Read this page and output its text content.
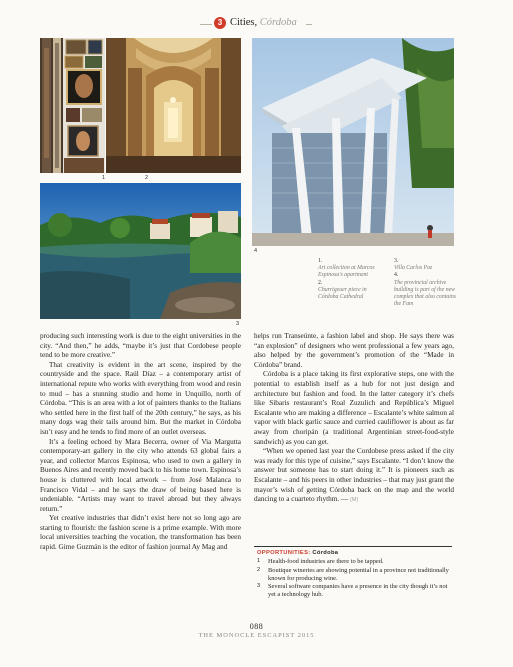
3 Cities, Córdoba
1	2
3
4
1.
Art collection at Marcos Espinosa's apartment
2.
Churrigeuer piece in Córdoba Cathedral
3.
Villa Carlos Paz
4.
The provincial archive building is part of the new complex that also contains the Fam

producing such interesting work is due to the eight universities in the city. “And then,” he adds, “maybe it’s just that Cordobese people tend to be more creative.”

That creativity is evident in the art scene, inspired by the countryside and the space. Raúl Díaz – a contemporary artist of international repute who works with everything from wood and resin to mud – has a stunning studio and home in Unquillo, north of Córdoba. “This is an area with a lot of painters thanks to the Italians who settled here in the first half of the 20th century,” he says, as his many dogs wag their tails around him. But the market in Córdoba isn’t easy and he tends to find more of an outlet overseas.

It’s a feeling echoed by Mara Becerra, owner of Via Margutta contemporary-art gallery in the city who attends 63 global fairs a year, and collector Marcos Espinosa, who used to own a gallery in Buenos Aires and recently moved back to his home town. Espinosa’s house is cluttered with local artwork – from José Malanca to Francisco Vidal – and he says the draw of being based here is undeniable. “Artists may want to travel abroad but they always return.”

Yet creative industries that didn’t exist here not so long ago are starting to flourish: the fashion scene is a prime example. With more local universities teaching the vocation, the transformation has been rapid. Gime Guzmán is the editor of fashion journal Ay Mag and

helps run Transeúnte, a fashion label and shop. He says there was “an explosion” of designers who went professional a few years ago, also helped by the government’s promotion of the “Made in Córdoba” brand.

Córdoba is a place taking its first explorative steps, one with the potential to establish itself as a hub for not just design and architecture but fashion and food. In the latter category it’s chefs like Sibaris restaurant’s Roal Zuzulich and República’s Miguel Escalante who are making a difference – Escalante’s white salmon al vapor with black garlic sauce and curried cauliflower is about as far away from choripán (a traditional Argentinian street-food-style sandwich) as you can get.

“When we opened last year the Cordobese press asked if the city was ready for this type of cuisine,” says Escalante. “I don’t know the answer but someone has to start doing it.” It is pioneers such as Escalante – and his peers in other industries – that may just grant the mayor’s wish of getting Córdoba back on the map and the world dancing to a cuarteto rhythm. — (M)

OPPORTUNITIES: Córdoba
1 Health-food industries are there to be tapped.
2 Boutique wineries are showing potential in a province not traditionally known for producing wine.
3 Several software companies have a presence in the city though it’s not yet a technology hub.
088
THE MONOCLE ESCAPIST 2015
